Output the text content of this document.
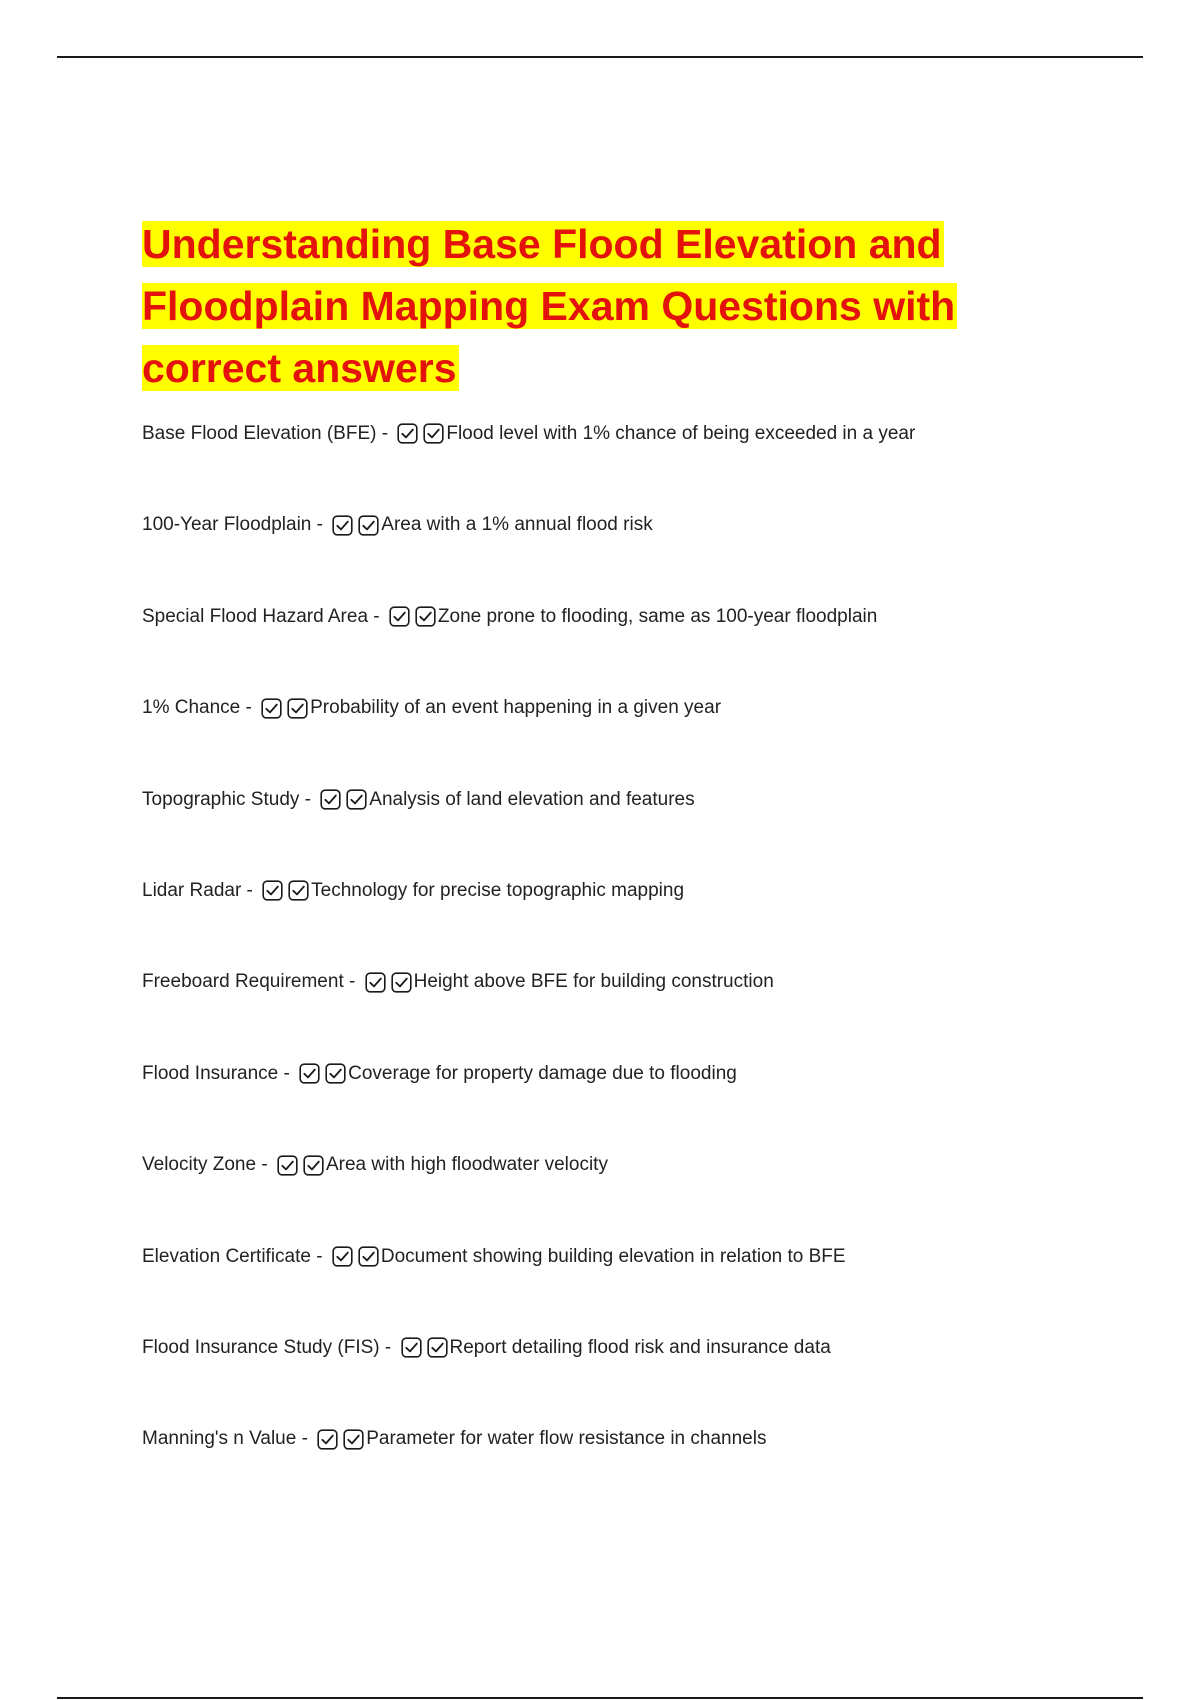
Understanding Base Flood Elevation and
Floodplain Mapping Exam Questions with
correct answers
Base Flood Elevation (BFE) -	Flood level with 1% chance of being exceeded in a year
100-Year Floodplain -	Area with a 1% annual flood risk
Special Flood Hazard Area -	Zone prone to flooding, same as 100-year floodplain
1% Chance -	Probability of an event happening in a given year
Topographic Study -	Analysis of land elevation and features
Lidar Radar -	Technology for precise topographic mapping
Freeboard Requirement -	Height above BFE for building construction
Flood Insurance -	Coverage for property damage due to flooding
Velocity Zone -	Area with high floodwater velocity
Elevation Certificate -	Document showing building elevation in relation to BFE
Flood Insurance Study (FIS) -	Report detailing flood risk and insurance data
Manning's n Value -	Parameter for water flow resistance in channels
